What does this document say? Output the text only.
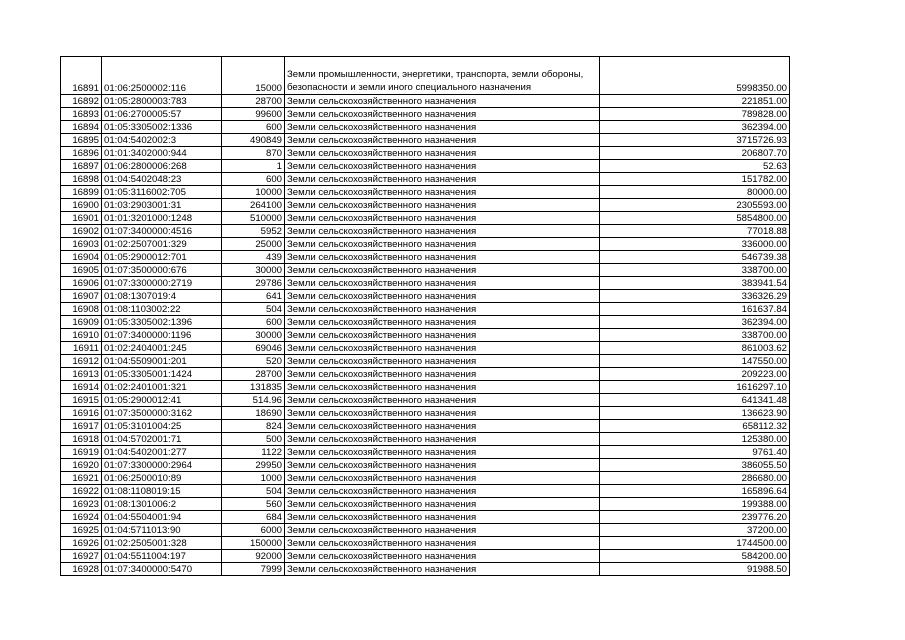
16891	01:06:2500002:116	15000	Земли промышленности, энергетики, транспорта, земли обороны, безопасности и земли иного специального назначения	5998350.00
16892	01:05:2800003:783	28700	Земли сельскохозяйственного назначения	221851.00
16893	01:06:2700005:57	99600	Земли сельскохозяйственного назначения	789828.00
16894	01:05:3305002:1336	600	Земли сельскохозяйственного назначения	362394.00
16895	01:04:5402002:3	490849	Земли сельскохозяйственного назначения	3715726.93
16896	01:01:3402000:944	870	Земли сельскохозяйственного назначения	206807.70
16897	01:06:2800006:268	1	Земли сельскохозяйственного назначения	52.63
16898	01:04:5402048:23	600	Земли сельскохозяйственного назначения	151782.00
16899	01:05:3116002:705	10000	Земли сельскохозяйственного назначения	80000.00
16900	01:03:2903001:31	264100	Земли сельскохозяйственного назначения	2305593.00
16901	01:01:3201000:1248	510000	Земли сельскохозяйственного назначения	5854800.00
16902	01:07:3400000:4516	5952	Земли сельскохозяйственного назначения	77018.88
16903	01:02:2507001:329	25000	Земли сельскохозяйственного назначения	336000.00
16904	01:05:2900012:701	439	Земли сельскохозяйственного назначения	546739.38
16905	01:07:3500000:676	30000	Земли сельскохозяйственного назначения	338700.00
16906	01:07:3300000:2719	29786	Земли сельскохозяйственного назначения	383941.54
16907	01:08:1307019:4	641	Земли сельскохозяйственного назначения	336326.29
16908	01:08:1103002:22	504	Земли сельскохозяйственного назначения	161637.84
16909	01:05:3305002:1396	600	Земли сельскохозяйственного назначения	362394.00
16910	01:07:3400000:1196	30000	Земли сельскохозяйственного назначения	338700.00
16911	01:02:2404001:245	69046	Земли сельскохозяйственного назначения	861003.62
16912	01:04:5509001:201	520	Земли сельскохозяйственного назначения	147550.00
16913	01:05:3305001:1424	28700	Земли сельскохозяйственного назначения	209223.00
16914	01:02:2401001:321	131835	Земли сельскохозяйственного назначения	1616297.10
16915	01:05:2900012:41	514.96	Земли сельскохозяйственного назначения	641341.48
16916	01:07:3500000:3162	18690	Земли сельскохозяйственного назначения	136623.90
16917	01:05:3101004:25	824	Земли сельскохозяйственного назначения	658112.32
16918	01:04:5702001:71	500	Земли сельскохозяйственного назначения	125380.00
16919	01:04:5402001:277	1122	Земли сельскохозяйственного назначения	9761.40
16920	01:07:3300000:2964	29950	Земли сельскохозяйственного назначения	386055.50
16921	01:06:2500010:89	1000	Земли сельскохозяйственного назначения	286680.00
16922	01:08:1108019:15	504	Земли сельскохозяйственного назначения	165896.64
16923	01:08:1301006:2	560	Земли сельскохозяйственного назначения	199388.00
16924	01:04:5504001:94	684	Земли сельскохозяйственного назначения	239776.20
16925	01:04:5711013:90	6000	Земли сельскохозяйственного назначения	37200.00
16926	01:02:2505001:328	150000	Земли сельскохозяйственного назначения	1744500.00
16927	01:04:5511004:197	92000	Земли сельскохозяйственного назначения	584200.00
16928	01:07:3400000:5470	7999	Земли сельскохозяйственного назначения	91988.50
